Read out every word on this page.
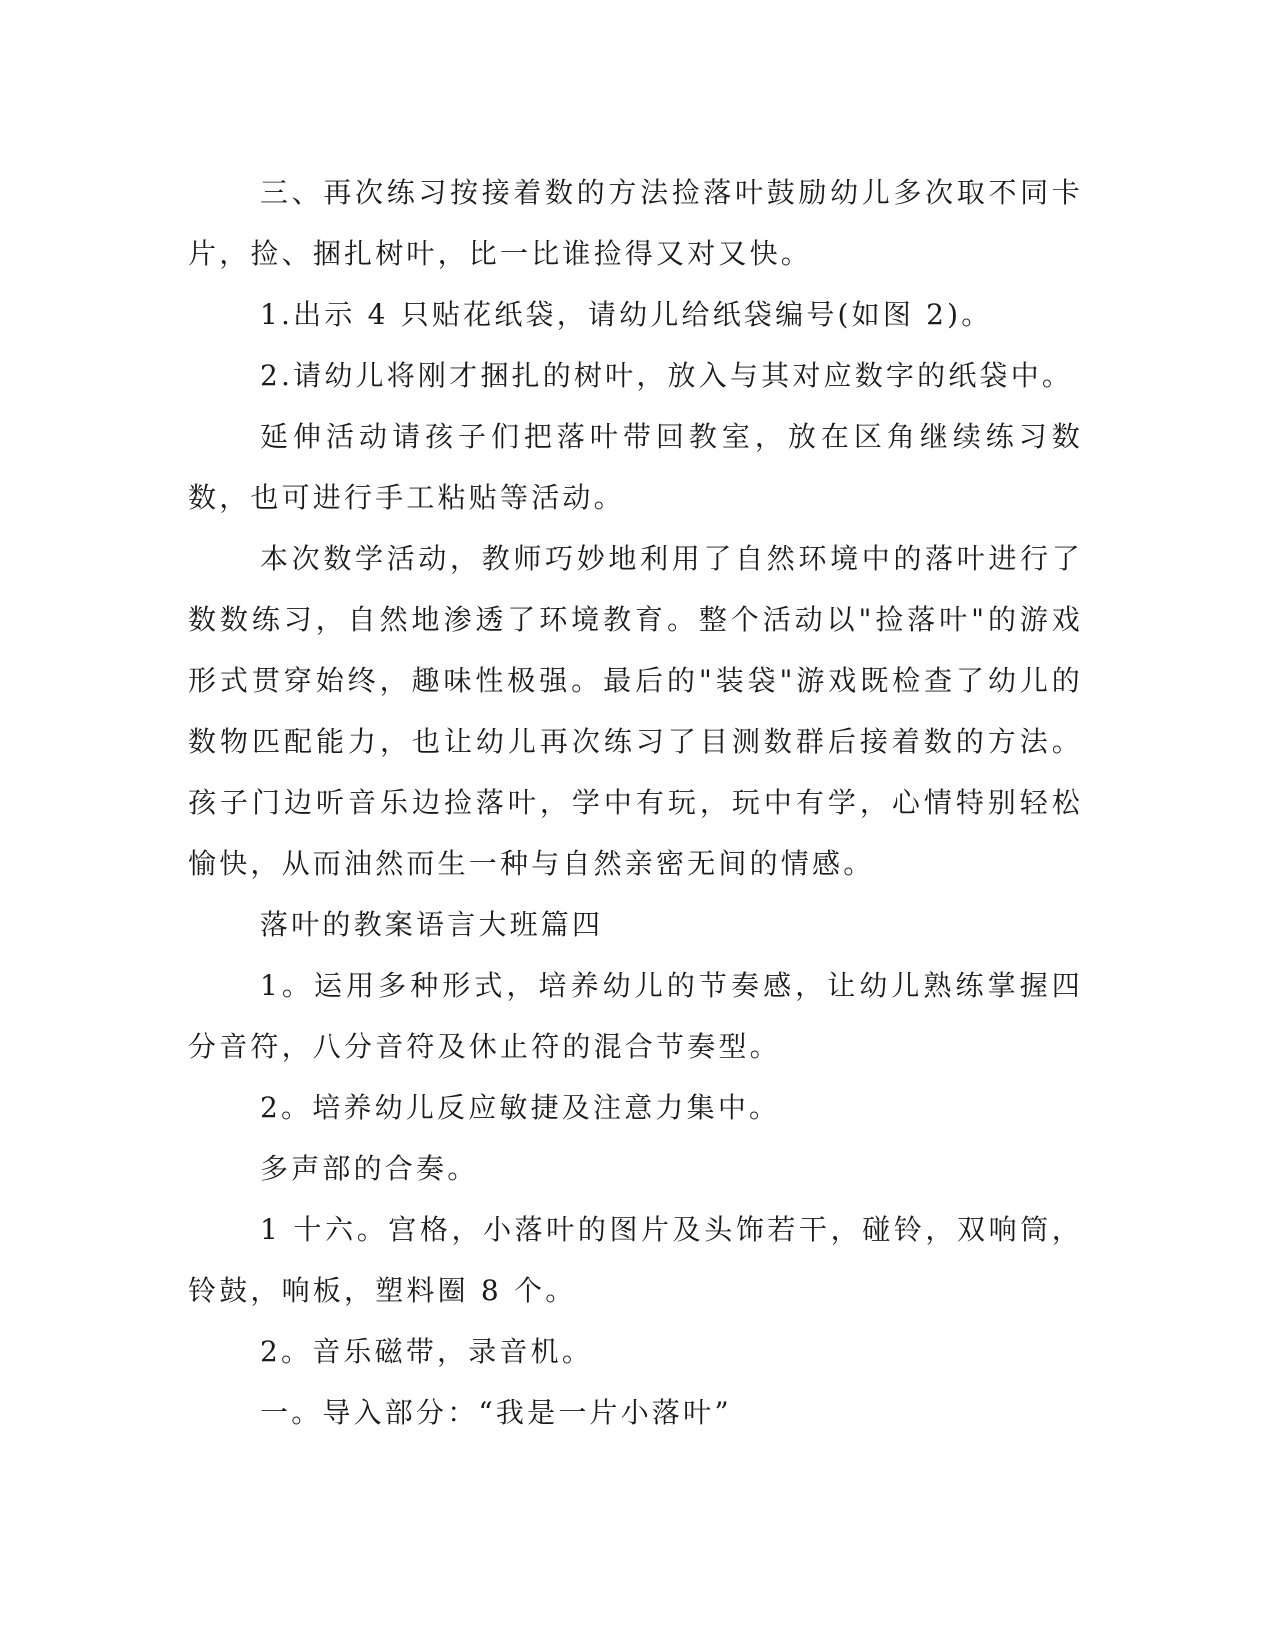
三、再次练习按接着数的方法捡落叶鼓励幼儿多次取不同卡片，捡、捆扎树叶，比一比谁捡得又对又快。

1.出示 4 只贴花纸袋，请幼儿给纸袋编号(如图 2)。

2.请幼儿将刚才捆扎的树叶，放入与其对应数字的纸袋中。

延伸活动请孩子们把落叶带回教室，放在区角继续练习数数，也可进行手工粘贴等活动。

本次数学活动，教师巧妙地利用了自然环境中的落叶进行了数数练习，自然地渗透了环境教育。整个活动以"捡落叶"的游戏形式贯穿始终，趣味性极强。最后的"装袋"游戏既检查了幼儿的数物匹配能力，也让幼儿再次练习了目测数群后接着数的方法。孩子门边听音乐边捡落叶，学中有玩，玩中有学，心情特别轻松愉快，从而油然而生一种与自然亲密无间的情感。

落叶的教案语言大班篇四

1。运用多种形式，培养幼儿的节奏感，让幼儿熟练掌握四分音符，八分音符及休止符的混合节奏型。

2。培养幼儿反应敏捷及注意力集中。

多声部的合奏。

1 十六。宫格，小落叶的图片及头饰若干，碰铃，双响筒，铃鼓，响板，塑料圈 8 个。

2。音乐磁带，录音机。

一。导入部分：“我是一片小落叶”
